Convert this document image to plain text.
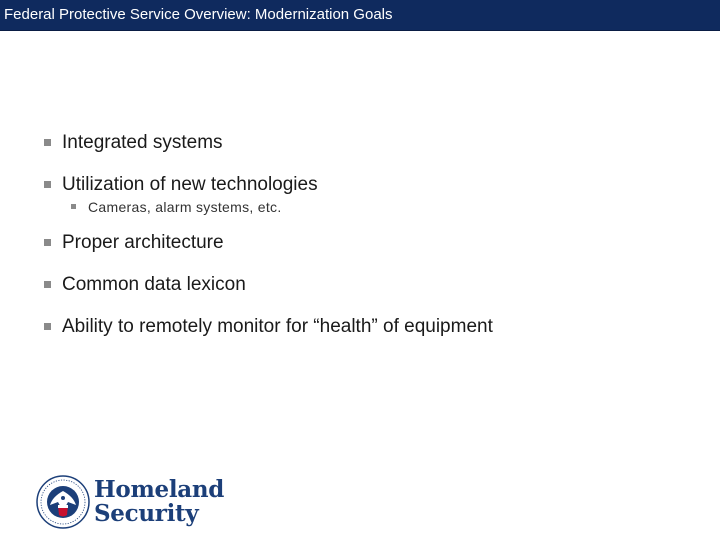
Federal Protective Service Overview: Modernization Goals
Integrated systems
Utilization of new technologies
Cameras, alarm systems, etc.
Proper architecture
Common data lexicon
Ability to remotely monitor for “health” of equipment
Homeland
Security
